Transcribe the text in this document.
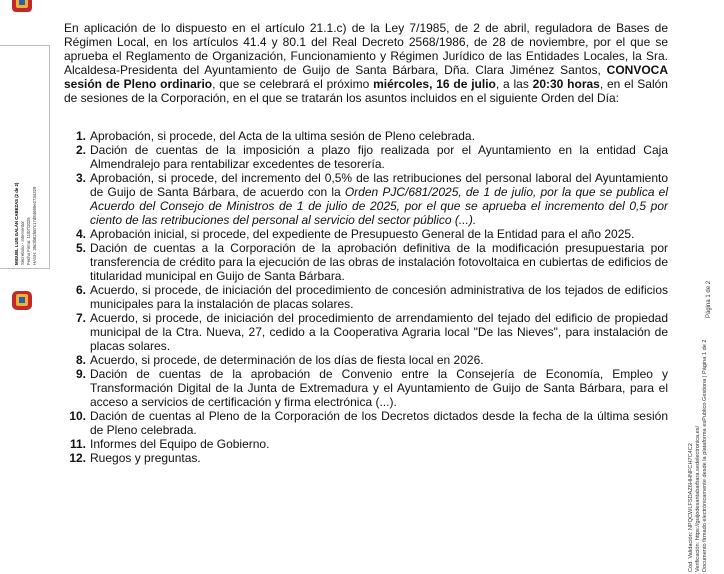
MIGUEL LUIS GALÁN CABEZAS (2 de 2) Secretario - Interventor Fecha Firma: 11/07/2025 HASH: 35c3b82b87c17d84695e2734329

En aplicación de lo dispuesto en el artículo 21.1.c) de la Ley 7/1985, de 2 de abril, reguladora de Bases de Régimen Local, en los artículos 41.4 y 80.1 del Real Decreto 2568/1986, de 28 de noviembre, por el que se aprueba el Reglamento de Organización, Funcionamiento y Régimen Jurídico de las Entidades Locales, la Sra. Alcaldesa-Presidenta del Ayuntamiento de Guijo de Santa Bárbara, Dña. Clara Jiménez Santos, CONVOCA sesión de Pleno ordinario, que se celebrará el próximo miércoles, 16 de julio, a las 20:30 horas, en el Salón de sesiones de la Corporación, en el que se tratarán los asuntos incluidos en el siguiente Orden del Día:

1. Aprobación, si procede, del Acta de la ultima sesión de Pleno celebrada.
2. Dación de cuentas de la imposición a plazo fijo realizada por el Ayuntamiento en la entidad Caja Almendralejo para rentabilizar excedentes de tesorería.
3. Aprobación, si procede, del incremento del 0,5% de las retribuciones del personal laboral del Ayuntamiento de Guijo de Santa Bárbara, de acuerdo con la Orden PJC/681/2025, de 1 de julio, por la que se publica el Acuerdo del Consejo de Ministros de 1 de julio de 2025, por el que se aprueba el incremento del 0,5 por ciento de las retribuciones del personal al servicio del sector público (...).
4. Aprobación inicial, si procede, del expediente de Presupuesto General de la Entidad para el año 2025.
5. Dación de cuentas a la Corporación de la aprobación definitiva de la modificación presupuestaria por transferencia de crédito para la ejecución de las obras de instalación fotovoltaica en cubiertas de edificios de titularidad municipal en Guijo de Santa Bárbara.
6. Acuerdo, si procede, de iniciación del procedimiento de concesión administrativa de los tejados de edificios municipales para la instalación de placas solares.
7. Acuerdo, si procede, de iniciación del procedimiento de arrendamiento del tejado del edificio de propiedad municipal de la Ctra. Nueva, 27, cedido a la Cooperativa Agraria local "De las Nieves", para instalación de placas solares.
8. Acuerdo, si procede, de determinación de los días de fiesta local en 2026.
9. Dación de cuentas de la aprobación de Convenio entre la Consejería de Economía, Empleo y Transformación Digital de la Junta de Extremadura y el Ayuntamiento de Guijo de Santa Bárbara, para el acceso a servicios de certificación y firma electrónica (...).
10. Dación de cuentas al Pleno de la Corporación de los Decretos dictados desde la fecha de la última sesión de Pleno celebrada.
11. Informes del Equipo de Gobierno.
12. Ruegos y preguntas.	Cód. Validación: NPQCWLFSDAZ6HHNFCH7C4C2 Verificación: https://guijodesantabarbara.sedelectronica.es/ Documento firmado electrónicamente desde la plataforma esPublico Gestiona | Página 1 de 2
Página 1 de 2
